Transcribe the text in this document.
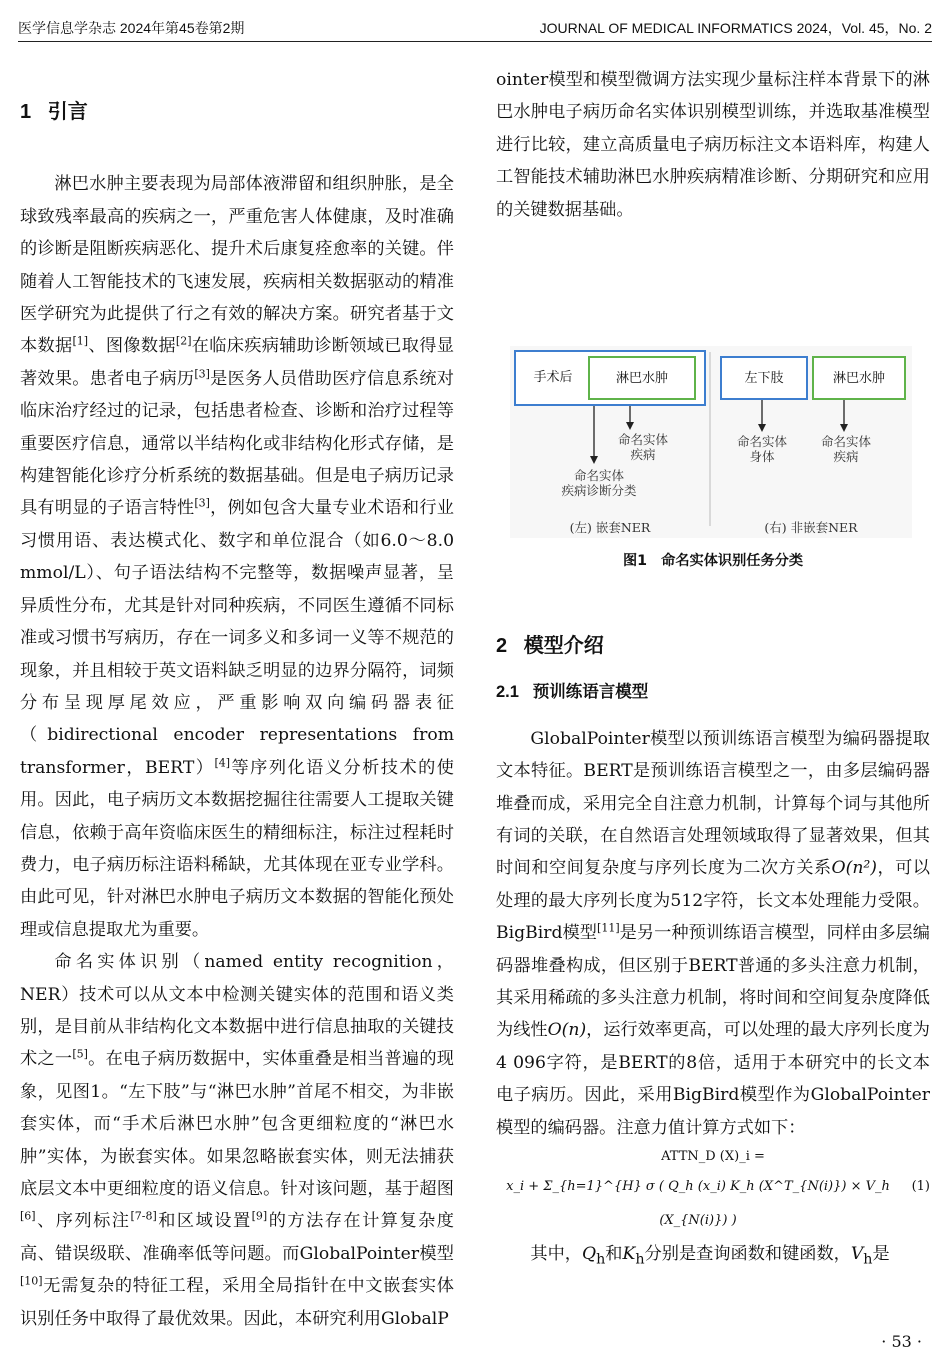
医学信息学杂志 2024年第45卷第2期	JOURNAL OF MEDICAL INFORMATICS 2024，Vol. 45，No. 2

1 引言

淋巴水肿主要表现为局部体液滞留和组织肿胀，是全球致残率最高的疾病之一，严重危害人体健康，及时准确的诊断是阻断疾病恶化、提升术后康复痊愈率的关键。伴随着人工智能技术的飞速发展，疾病相关数据驱动的精准医学研究为此提供了行之有效的解决方案。研究者基于文本数据[1]、图像数据[2]在临床疾病辅助诊断领域已取得显著效果。患者电子病历[3]是医务人员借助医疗信息系统对临床治疗经过的记录，包括患者检查、诊断和治疗过程等重要医疗信息，通常以半结构化或非结构化形式存储，是构建智能化诊疗分析系统的数据基础。但是电子病历记录具有明显的子语言特性[3]，例如包含大量专业术语和行业习惯用语、表达模式化、数字和单位混合（如6.0～8.0 mmol/L）、句子语法结构不完整等，数据噪声显著，呈异质性分布，尤其是针对同种疾病，不同医生遵循不同标准或习惯书写病历，存在一词多义和多词一义等不规范的现象，并且相较于英文语料缺乏明显的边界分隔符，词频分布呈现厚尾效应，严重影响双向编码器表征（bidirectional encoder representations from transformer，BERT）[4]等序列化语义分析技术的使用。因此，电子病历文本数据挖掘往往需要人工提取关键信息，依赖于高年资临床医生的精细标注，标注过程耗时费力，电子病历标注语料稀缺，尤其体现在亚专业学科。由此可见，针对淋巴水肿电子病历文本数据的智能化预处理或信息提取尤为重要。

命名实体识别（named entity recognition，NER）技术可以从文本中检测关键实体的范围和语义类别，是目前从非结构化文本数据中进行信息抽取的关键技术之一[5]。在电子病历数据中，实体重叠是相当普遍的现象，见图1。“左下肢”与“淋巴水肿”首尾不相交，为非嵌套实体，而“手术后淋巴水肿”包含更细粒度的“淋巴水肿”实体，为嵌套实体。如果忽略嵌套实体，则无法捕获底层文本中更细粒度的语义信息。针对该问题，基于超图[6]、序列标注[7-8]和区域设置[9]的方法存在计算复杂度高、错误级联、准确率低等问题。而GlobalPointer模型[10]无需复杂的特征工程，采用全局指针在中文嵌套实体识别任务中取得了最优效果。因此，本研究利用GlobalP

手术后	淋巴水肿	左下肢	淋巴水肿
命名实体
疾病
命名实体
疾病诊断分类
命名实体
身体
命名实体
疾病
(左) 嵌套NER	(右) 非嵌套NER
图1　命名实体识别任务分类

ointer模型和模型微调方法实现少量标注样本背景下的淋巴水肿电子病历命名实体识别模型训练，并选取基准模型进行比较，建立高质量电子病历标注文本语料库，构建人工智能技术辅助淋巴水肿疾病精准诊断、分期研究和应用的关键数据基础。

2 模型介绍

2.1 预训练语言模型

GlobalPointer模型以预训练语言模型为编码器提取文本特征。BERT是预训练语言模型之一，由多层编码器堆叠而成，采用完全自注意力机制，计算每个词与其他所有词的关联，在自然语言处理领域取得了显著效果，但其时间和空间复杂度与序列长度为二次方关系O(n²)，可以处理的最大序列长度为512字符，长文本处理能力受限。BigBird模型[11]是另一种预训练语言模型，同样由多层编码器堆叠构成，但区别于BERT普通的多头注意力机制，其采用稀疏的多头注意力机制，将时间和空间复杂度降低为线性O(n)，运行效率更高，可以处理的最大序列长度为4 096字符，是BERT的8倍，适用于本研究中的长文本电子病历。因此，采用BigBird模型作为GlobalPointer模型的编码器。注意力值计算方式如下：

ATTN_D (X)_i =
x_i + Σ_{h=1}^{H} σ ( Q_h (x_i) K_h (X^T_{N(i)}) × V_h (X_{N(i)}) )
(1)

其中，$Q_h$和$K_h$分别是查询函数和键函数，$V_h$是

· 53 ·
